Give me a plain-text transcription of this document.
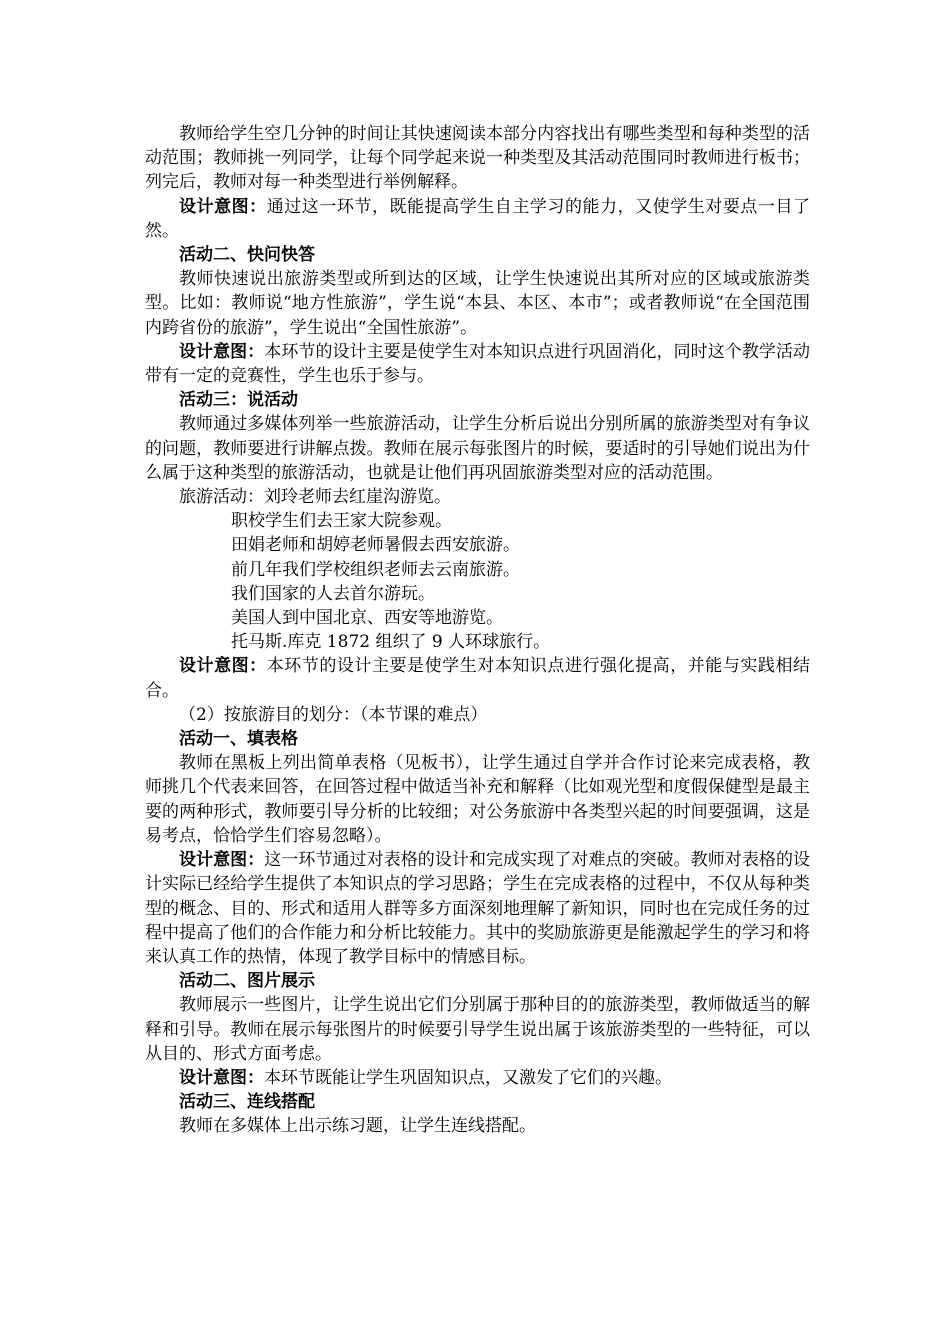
教师给学生空几分钟的时间让其快速阅读本部分内容找出有哪些类型和每种类型的活动范围；教师挑一列同学，让每个同学起来说一种类型及其活动范围同时教师进行板书；列完后，教师对每一种类型进行举例解释。

设计意图：通过这一环节，既能提高学生自主学习的能力，又使学生对要点一目了然。

活动二、快问快答

教师快速说出旅游类型或所到达的区域，让学生快速说出其所对应的区域或旅游类型。比如：教师说“地方性旅游”，学生说“本县、本区、本市”；或者教师说“在全国范围内跨省份的旅游”，学生说出“全国性旅游”。

设计意图：本环节的设计主要是使学生对本知识点进行巩固消化，同时这个教学活动带有一定的竞赛性，学生也乐于参与。

活动三：说活动

教师通过多媒体列举一些旅游活动，让学生分析后说出分别所属的旅游类型对有争议的问题，教师要进行讲解点拨。教师在展示每张图片的时候，要适时的引导她们说出为什么属于这种类型的旅游活动，也就是让他们再巩固旅游类型对应的活动范围。

旅游活动：刘玲老师去红崖沟游览。

职校学生们去王家大院参观。
田娟老师和胡婷老师暑假去西安旅游。
前几年我们学校组织老师去云南旅游。
我们国家的人去首尔游玩。
美国人到中国北京、西安等地游览。
托马斯.库克 1872 组织了 9 人环球旅行。

设计意图：本环节的设计主要是使学生对本知识点进行强化提高，并能与实践相结合。

（2）按旅游目的划分：（本节课的难点）

活动一、填表格

教师在黑板上列出简单表格（见板书），让学生通过自学并合作讨论来完成表格，教师挑几个代表来回答，在回答过程中做适当补充和解释（比如观光型和度假保健型是最主要的两种形式，教师要引导分析的比较细；对公务旅游中各类型兴起的时间要强调，这是易考点，恰恰学生们容易忽略）。

设计意图：这一环节通过对表格的设计和完成实现了对难点的突破。教师对表格的设计实际已经给学生提供了本知识点的学习思路；学生在完成表格的过程中，不仅从每种类型的概念、目的、形式和适用人群等多方面深刻地理解了新知识，同时也在完成任务的过程中提高了他们的合作能力和分析比较能力。其中的奖励旅游更是能激起学生的学习和将来认真工作的热情，体现了教学目标中的情感目标。

活动二、图片展示

教师展示一些图片，让学生说出它们分别属于那种目的的旅游类型，教师做适当的解释和引导。教师在展示每张图片的时候要引导学生说出属于该旅游类型的一些特征，可以从目的、形式方面考虑。

设计意图：本环节既能让学生巩固知识点，又激发了它们的兴趣。

活动三、连线搭配

教师在多媒体上出示练习题，让学生连线搭配。
